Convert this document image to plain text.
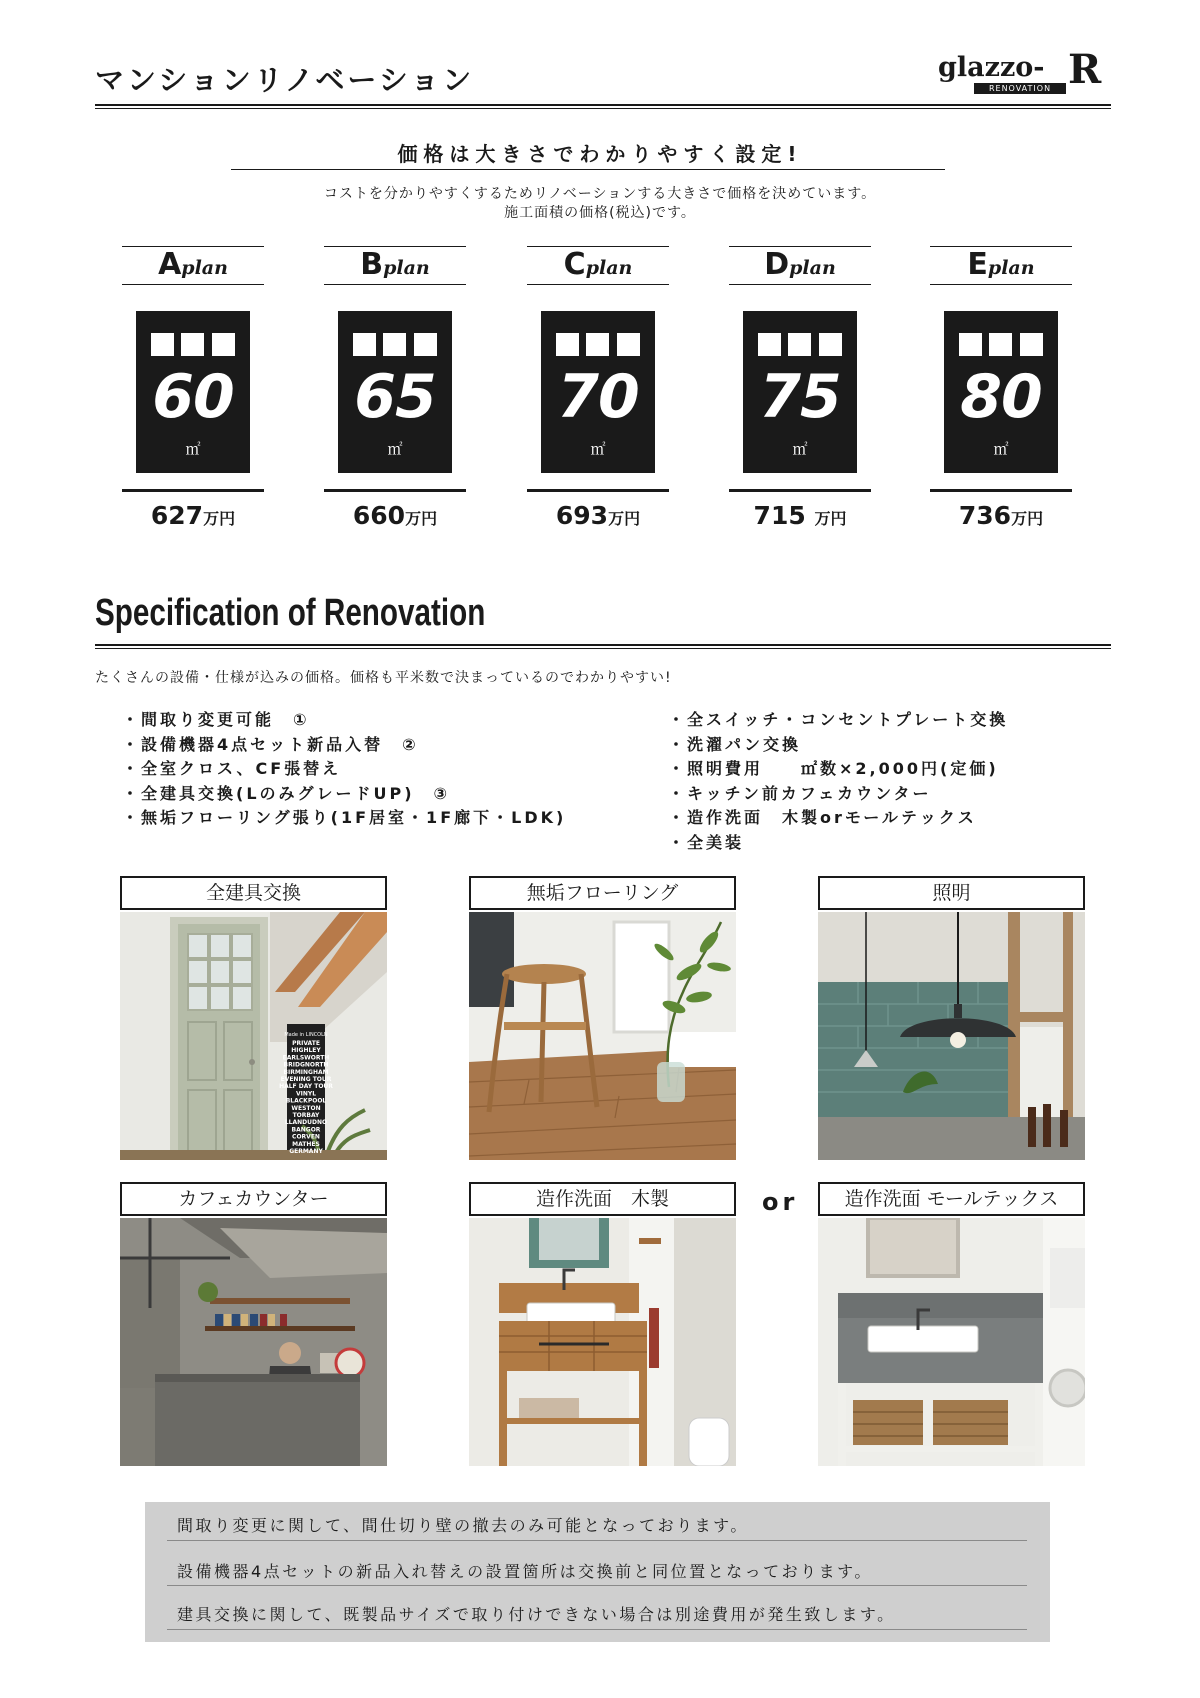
マンションリノベーション	glazzo- R
RENOVATION
価格は大きさでわかりやすく設定!
コストを分かりやすくするためリノベーションする大きさで価格を決めています。
施工面積の価格(税込)です。
Aplan
60
㎡
627万円
Bplan
65
㎡
660万円
Cplan
70
㎡
693万円
Dplan
75
㎡
715 万円
Eplan
80
㎡
736万円
Specification of Renovation
たくさんの設備・仕様が込みの価格。価格も平米数で決まっているのでわかりやすい!
・間取り変更可能　①
・設備機器4点セット新品入替　②
・全室クロス、CF張替え
・全建具交換(LのみグレードUP)　③
・無垢フローリング張り(1F居室・1F廊下・LDK)
・全スイッチ・コンセントプレート交換
・洗濯パン交換
・照明費用　　㎡数×2,000円(定価)
・キッチン前カフェカウンター
・造作洗面　木製orモールテックス
・全美装
全建具交換
Made in LINCOLN
PRIVATE
HIGHLEY
EARLSWORTH
BRIDGNORTH
BIRMINGHAM
EVENING TOUR
HALF DAY TOUR
VINYL
BLACKPOOL
WESTON
TORBAY
LLANDUDNO
BANGOR
CORVEN
MATHES
GERMANY
無垢フローリング	照明
カフェカウンター	造作洗面　木製	or	造作洗面 モールテックス
間取り変更に関して、間仕切り壁の撤去のみ可能となっております。
設備機器4点セットの新品入れ替えの設置箇所は交換前と同位置となっております。
建具交換に関して、既製品サイズで取り付けできない場合は別途費用が発生致します。
